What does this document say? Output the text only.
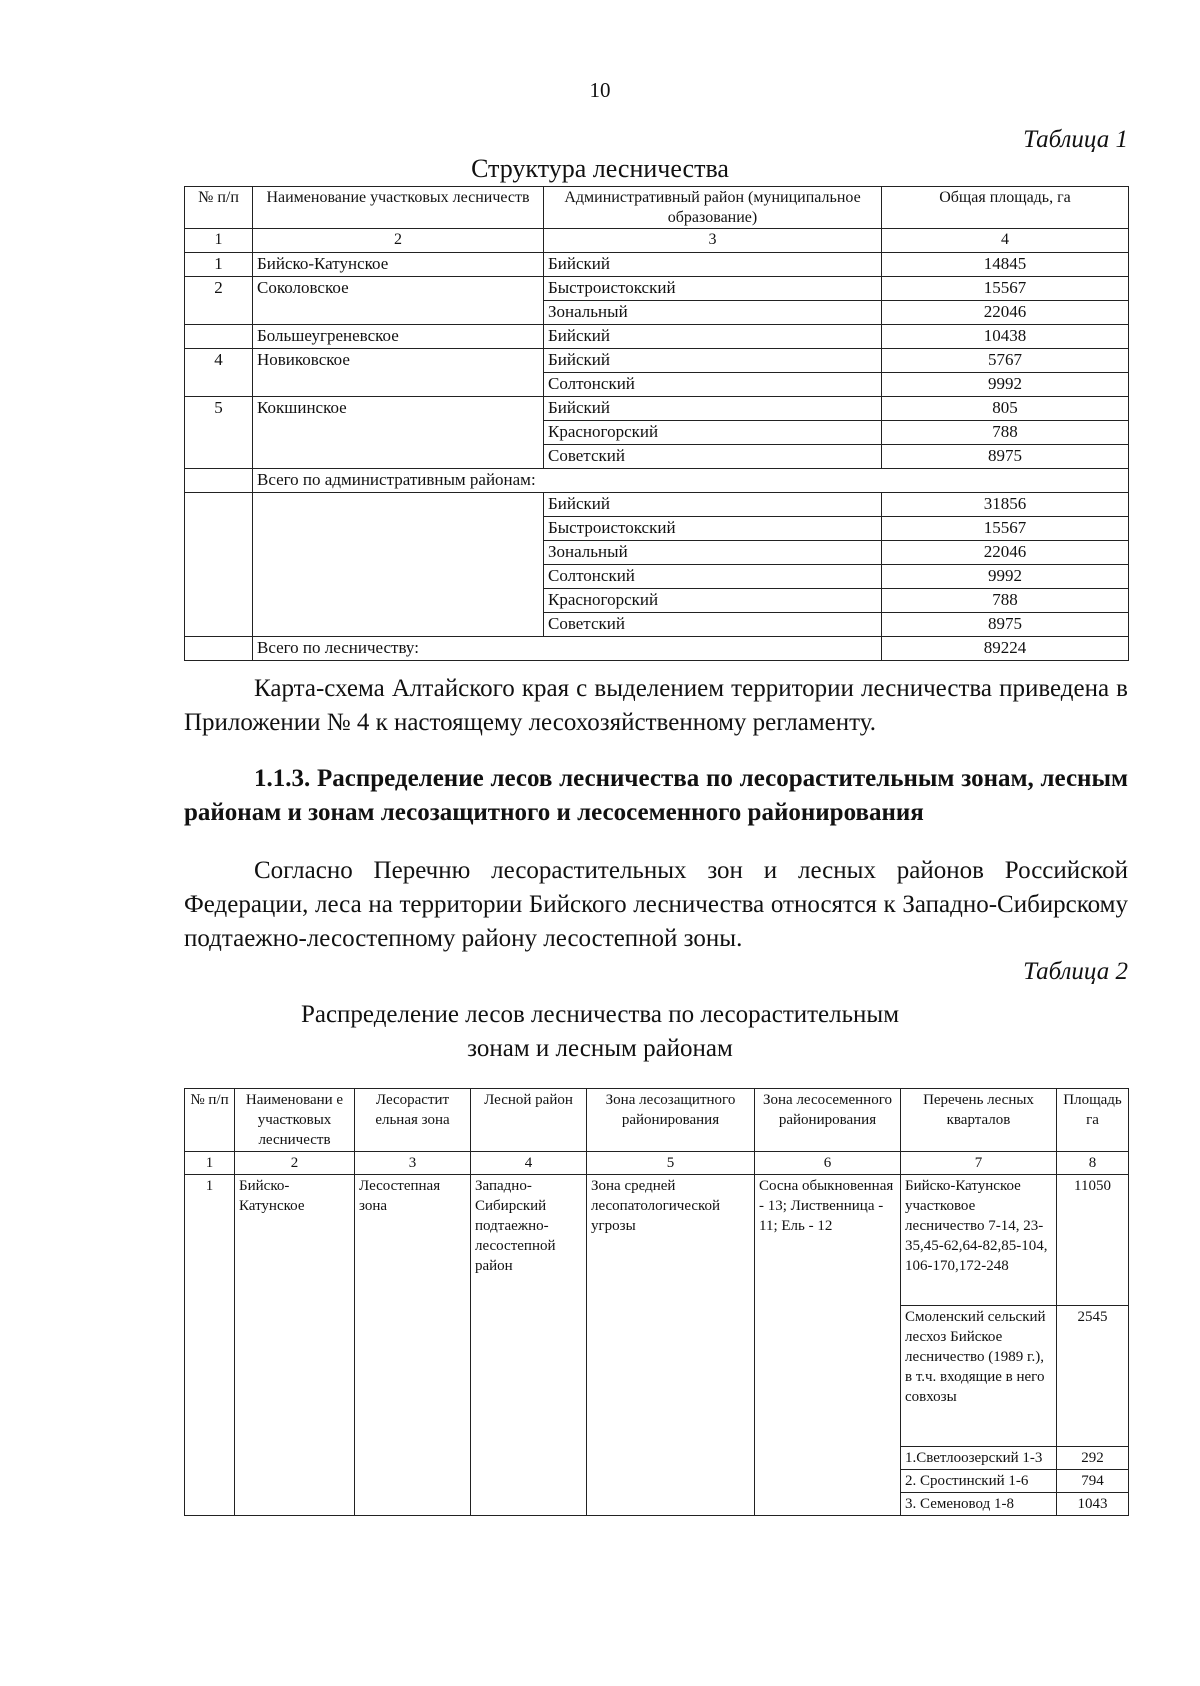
10
Таблица 1
Структура лесничества
№ п/п	Наименование участковых лесничеств	Административный район (муниципальное образование)	Общая площадь, га
1	2	3	4
1	Бийско-Катунское	Бийский	14845
2	Соколовское	Быстроистокский	15567
		Зональный	22046
	Большеугреневское	Бийский	10438
4	Новиковское	Бийский	5767
		Солтонский	9992
5	Кокшинское	Бийский	805
		Красногорский	788
		Советский	8975
	Всего по административным районам:		
		Бийский	31856
		Быстроистокский	15567
		Зональный	22046
		Солтонский	9992
		Красногорский	788
		Советский	8975
	Всего по лесничеству:		89224
Карта-схема Алтайского края с выделением территории лесничества приведена в Приложении № 4 к настоящему лесохозяйственному регламенту.
1.1.3. Распределение лесов лесничества по лесорастительным зонам, лесным районам и зонам лесозащитного и лесосеменного районирования
Согласно Перечню лесорастительных зон и лесных районов Российской Федерации, леса на территории Бийского лесничества относятся к Западно-Сибирскому подтаежно-лесостепному району лесостепной зоны.
Таблица 2
Распределение лесов лесничества по лесорастительным
зонам и лесным районам
№ п/п	Наименовани е участковых лесничеств	Лесорастит ельная зона	Лесной район	Зона лесозащитного районирования	Зона лесосеменного районирования	Перечень лесных кварталов	Площадь га
1	2	3	4	5	6	7	8
1	Бийско-Катунское	Лесостепная зона	Западно-Сибирский подтаежно-лесостепной район	Зона средней лесопатологической угрозы	Сосна обыкновенная - 13; Лиственница - 11; Ель - 12	Бийско-Катунское участковое лесничество 7-14, 23-35,45-62,64-82,85-104, 106-170,172-248	11050
						Смоленский сельский лесхоз Бийское лесничество (1989 г.), в т.ч. входящие в него совхозы	2545
						1.Светлоозерский 1-3	292
						2. Сростинский 1-6	794
						3. Семеновод 1-8	1043
